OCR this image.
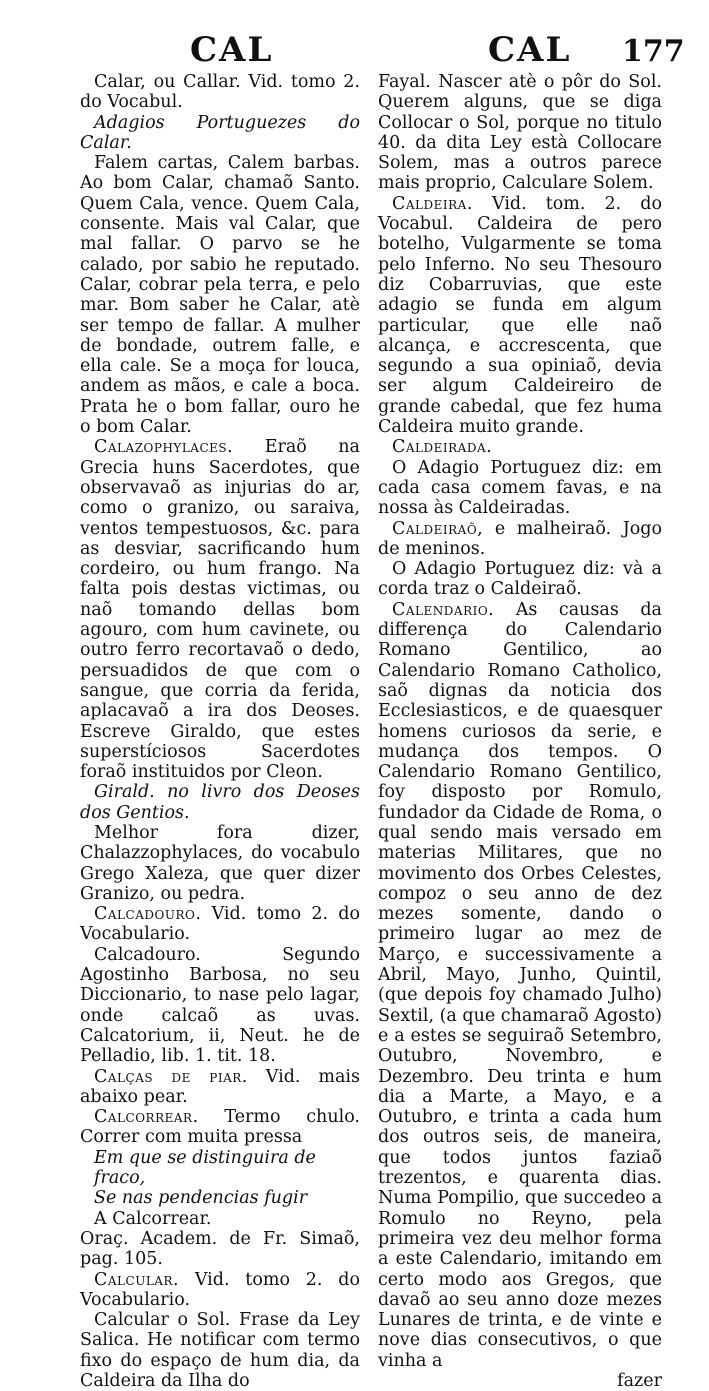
CAL	CAL 177

Calar, ou Callar. Vid. tomo 2. do Vocabul.

Adagios Portuguezes do Calar.

Falem cartas, Calem barbas. Ao bom Calar, chamaõ Santo. Quem Cala, vence. Quem Cala, consente. Mais val Calar, que mal fallar. O parvo se he calado, por sabio he reputado. Calar, cobrar pela terra, e pelo mar. Bom saber he Calar, atè ser tempo de fallar. A mulher de bondade, outrem falle, e ella cale. Se a moça for louca, andem as mãos, e cale a boca. Prata he o bom fallar, ouro he o bom Calar.

Calazophylaces. Eraõ na Grecia huns Sacerdotes, que observavaõ as injurias do ar, como o granizo, ou saraiva, ventos tempestuosos, &c. para as desviar, sacrificando hum cordeiro, ou hum frango. Na falta pois destas victimas, ou naõ tomando dellas bom agouro, com hum cavinete, ou outro ferro recortavaõ o dedo, persuadidos de que com o sangue, que corria da ferida, aplacavaõ a ira dos Deoses. Escreve Giraldo, que estes superstíciosos Sacerdotes foraõ instituidos por Cleon.

Girald. no livro dos Deoses dos Gentios.

Melhor fora dizer, Chalazzophylaces, do vocabulo Grego Xaleza, que quer dizer Granizo, ou pedra.

Calcadouro. Vid. tomo 2. do Vocabulario.

Calcadouro. Segundo Agostinho Barbosa, no seu Diccionario, to nase pelo lagar, onde calcaõ as uvas. Calcatorium, ii, Neut. he de Pelladio, lib. 1. tit. 18.

Calças de piar. Vid. mais abaixo pear.

Calcorrear. Termo chulo. Correr com muita pressa

Em que se distinguira de fraco,

Se nas pendencias fugir

A Calcorrear.

Oraç. Academ. de Fr. Simaõ, pag. 105.

Calcular. Vid. tomo 2. do Vocabulario.

Calcular o Sol. Frase da Ley Salica. He notificar com termo fixo do espaço de hum dia, da Caldeira da Ilha do

Fayal. Nascer atè o pôr do Sol. Querem alguns, que se diga Collocar o Sol, porque no titulo 40. da dita Ley està Collocare Solem, mas a outros parece mais proprio, Calculare Solem.

Caldeira. Vid. tom. 2. do Vocabul. Caldeira de pero botelho, Vulgarmente se toma pelo Inferno. No seu Thesouro diz Cobarruvias, que este adagio se funda em algum particular, que elle naõ alcança, e accrescenta, que segundo a sua opiniaõ, devia ser algum Caldeireiro de grande cabedal, que fez huma Caldeira muito grande.

Caldeirada.

O Adagio Portuguez diz: em cada casa comem favas, e na nossa às Caldeiradas.

Caldeiraõ, e malheiraõ. Jogo de meninos.

O Adagio Portuguez diz: và a corda traz o Caldeiraõ.

Calendario. As causas da differença do Calendario Romano Gentilico, ao Calendario Romano Catholico, saõ dignas da noticia dos Ecclesiasticos, e de quaesquer homens curiosos da serie, e mudança dos tempos. O Calendario Romano Gentilico, foy disposto por Romulo, fundador da Cidade de Roma, o qual sendo mais versado em materias Militares, que no movimento dos Orbes Celestes, compoz o seu anno de dez mezes somente, dando o primeiro lugar ao mez de Março, e successivamente a Abril, Mayo, Junho, Quintil, (que depois foy chamado Julho) Sextil, (a que chamaraõ Agosto) e a estes se seguiraõ Setembro, Outubro, Novembro, e Dezembro. Deu trinta e hum dia a Marte, a Mayo, e a Outubro, e trinta a cada hum dos outros seis, de maneira, que todos juntos faziaõ trezentos, e quarenta dias. Numa Pompilio, que succedeo a Romulo no Reyno, pela primeira vez deu melhor forma a este Calendario, imitando em certo modo aos Gregos, que davaõ ao seu anno doze mezes Lunares de trinta, e de vinte e nove dias consecutivos, o que vinha a

fazer
